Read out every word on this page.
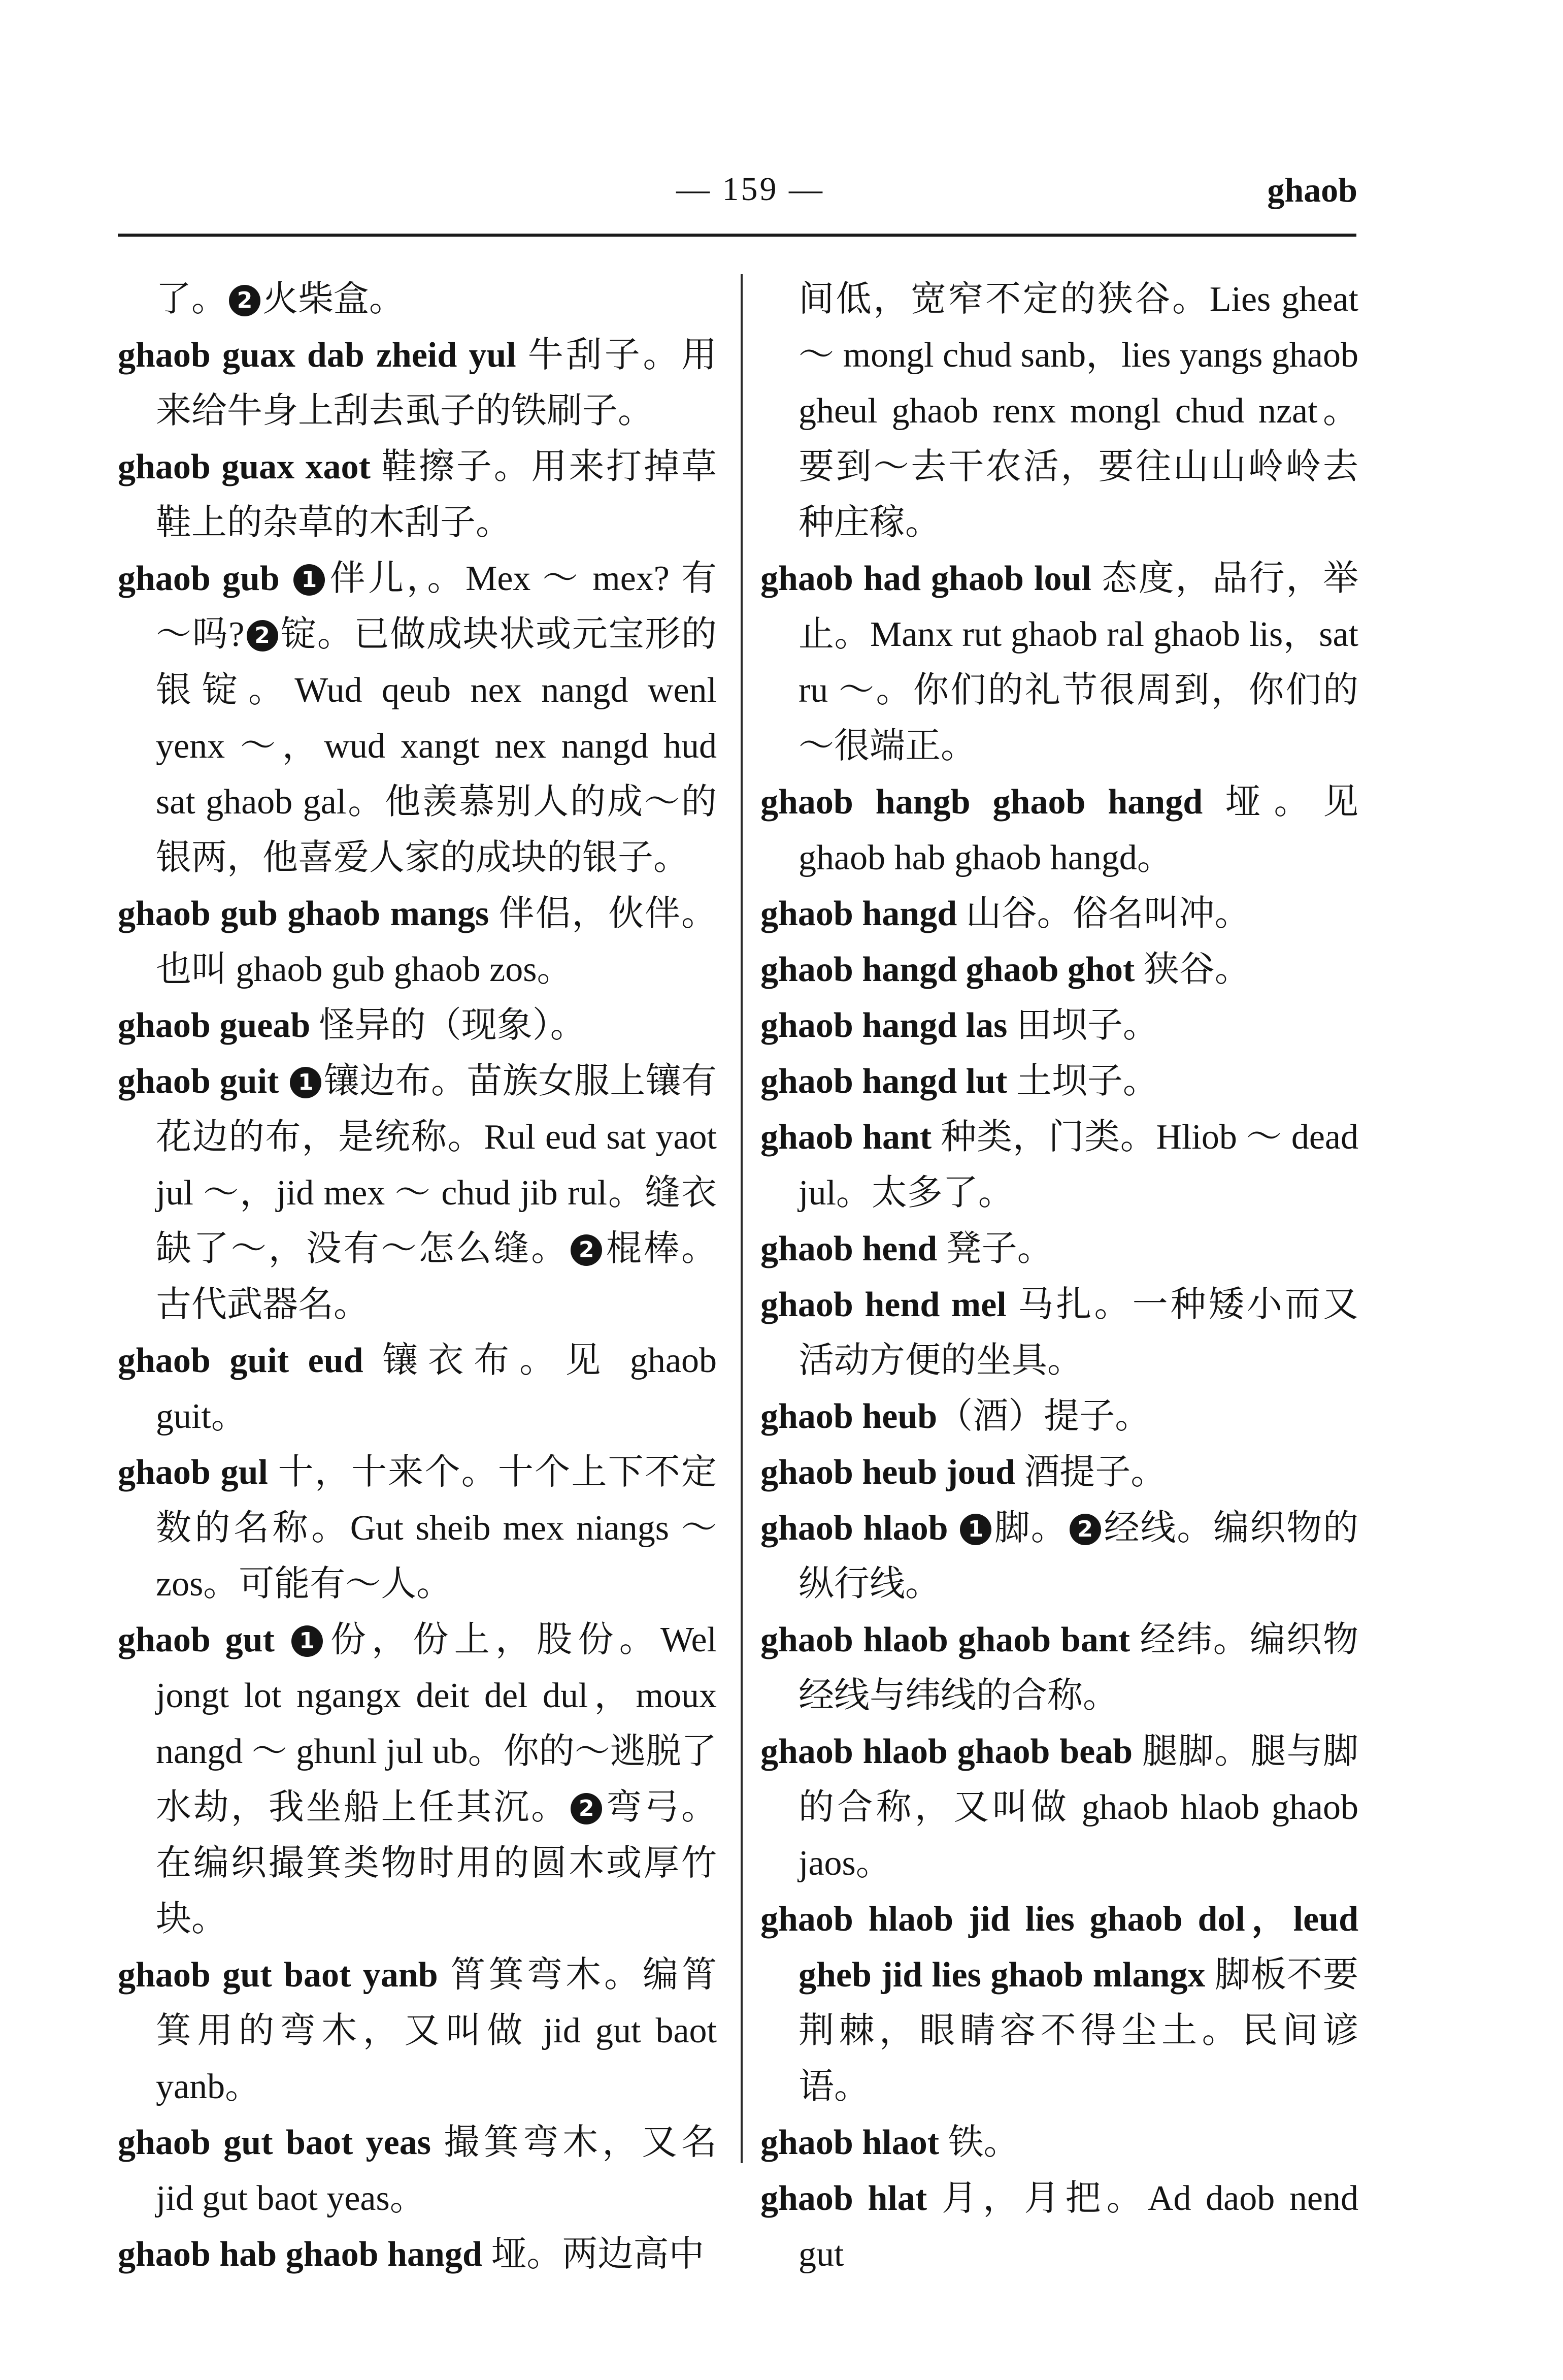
— 159 —	ghaob

了。 2 火柴盒。

ghaob guax dab zheid yul 牛刮子。用来给牛身上刮去虱子的铁刷子。

ghaob guax xaot 鞋擦子。用来打掉草鞋上的杂草的木刮子。

ghaob gub 1 伴儿，。Mex ～ mex? 有～吗? 2 锭。已做成块状或元宝形的银锭。Wud qeub nex nangd wenl yenx ～，wud xangt nex nangd hud sat ghaob gal。他羡慕别人的成～的银两，他喜爱人家的成块的银子。

ghaob gub ghaob mangs 伴侣，伙伴。也叫 ghaob gub ghaob zos。

ghaob gueab 怪异的（现象）。

ghaob guit 1 镶边布。苗族女服上镶有花边的布，是统称。Rul eud sat yaot jul ～，jid mex ～ chud jib rul。缝衣缺了～，没有～怎么缝。 2 棍棒。古代武器名。

ghaob guit eud 镶衣布。见 ghaob guit。

ghaob gul 十，十来个。十个上下不定数的名称。Gut sheib mex niangs ～ zos。可能有～人。

ghaob gut 1 份，份上，股份。Wel jongt lot ngangx deit del dul，moux nangd ～ ghunl jul ub。你的～逃脱了水劫，我坐船上任其沉。 2 弯弓。在编织撮箕类物时用的圆木或厚竹块。

ghaob gut baot yanb 筲箕弯木。编筲箕用的弯木，又叫做 jid gut baot yanb。

ghaob gut baot yeas 撮箕弯木，又名 jid gut baot yeas。

ghaob hab ghaob hangd 垭。两边高中

间低，宽窄不定的狭谷。Lies gheat ～ mongl chud sanb，lies yangs ghaob gheul ghaob renx mongl chud nzat。要到～去干农活，要往山山岭岭去种庄稼。

ghaob had ghaob loul 态度，品行，举止。Manx rut ghaob ral ghaob lis，sat ru ～。你们的礼节很周到，你们的～很端正。

ghaob hangb ghaob hangd 垭。见 ghaob hab ghaob hangd。

ghaob hangd 山谷。俗名叫冲。

ghaob hangd ghaob ghot 狭谷。

ghaob hangd las 田坝子。

ghaob hangd lut 土坝子。

ghaob hant 种类，门类。Hliob ～ dead jul。太多了。

ghaob hend 凳子。

ghaob hend mel 马扎。一种矮小而又活动方便的坐具。

ghaob heub（酒）提子。

ghaob heub joud 酒提子。

ghaob hlaob 1 脚。 2 经线。编织物的纵行线。

ghaob hlaob ghaob bant 经纬。编织物经线与纬线的合称。

ghaob hlaob ghaob beab 腿脚。腿与脚的合称，又叫做 ghaob hlaob ghaob jaos。

ghaob hlaob jid lies ghaob dol，leud gheb jid lies ghaob mlangx 脚板不要荆棘，眼睛容不得尘土。民间谚语。

ghaob hlaot 铁。

ghaob hlat 月，月把。Ad daob nend gut
